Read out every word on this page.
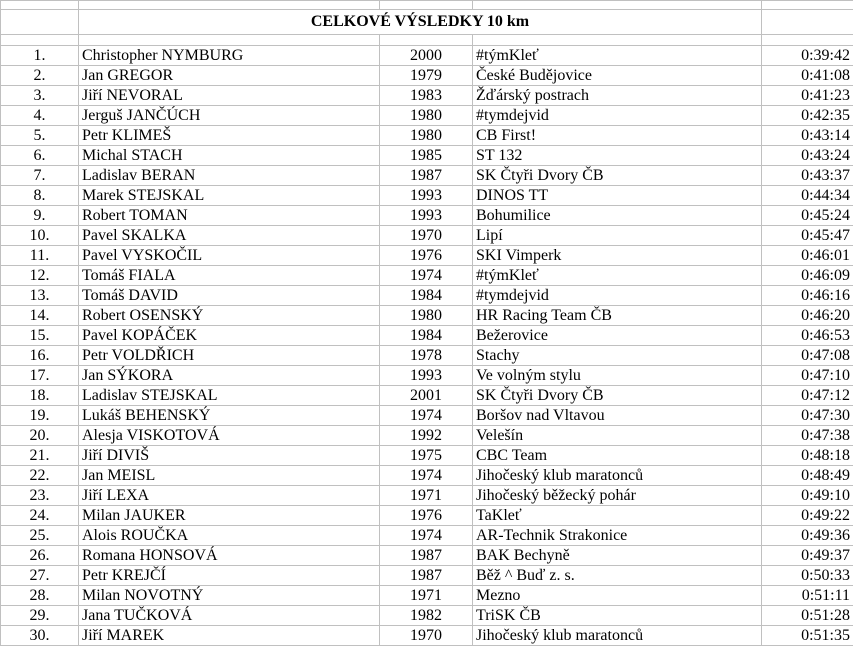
	CELKOVÉ VÝSLEDKY 10 km			

1.	Christopher NYMBURG	2000	#týmKleť	0:39:42
2.	Jan GREGOR	1979	České Budějovice	0:41:08
3.	Jiří NEVORAL	1983	Žďárský postrach	0:41:23
4.	Jerguš JANČÚCH	1980	#tymdejvid	0:42:35
5.	Petr KLIMEŠ	1980	CB First!	0:43:14
6.	Michal STACH	1985	ST 132	0:43:24
7.	Ladislav BERAN	1987	SK Čtyři Dvory ČB	0:43:37
8.	Marek STEJSKAL	1993	DINOS TT	0:44:34
9.	Robert TOMAN	1993	Bohumilice	0:45:24
10.	Pavel SKALKA	1970	Lipí	0:45:47
11.	Pavel VYSKOČIL	1976	SKI Vimperk	0:46:01
12.	Tomáš FIALA	1974	#týmKleť	0:46:09
13.	Tomáš DAVID	1984	#tymdejvid	0:46:16
14.	Robert OSENSKÝ	1980	HR Racing Team ČB	0:46:20
15.	Pavel KOPÁČEK	1984	Bežerovice	0:46:53
16.	Petr VOLDŘICH	1978	Stachy	0:47:08
17.	Jan SÝKORA	1993	Ve volným stylu	0:47:10
18.	Ladislav STEJSKAL	2001	SK Čtyři Dvory ČB	0:47:12
19.	Lukáš BEHENSKÝ	1974	Boršov nad Vltavou	0:47:30
20.	Alesja VISKOTOVÁ	1992	Velešín	0:47:38
21.	Jiří DIVIŠ	1975	CBC Team	0:48:18
22.	Jan MEISL	1974	Jihočeský klub maratonců	0:48:49
23.	Jiří LEXA	1971	Jihočeský běžecký pohár	0:49:10
24.	Milan JAUKER	1976	TaKleť	0:49:22
25.	Alois ROUČKA	1974	AR-Technik Strakonice	0:49:36
26.	Romana HONSOVÁ	1987	BAK Bechyně	0:49:37
27.	Petr KREJČÍ	1987	Běž ^ Buď z. s.	0:50:33
28.	Milan NOVOTNÝ	1971	Mezno	0:51:11
29.	Jana TUČKOVÁ	1982	TriSK ČB	0:51:28
30.	Jiří MAREK	1970	Jihočeský klub maratonců	0:51:35
